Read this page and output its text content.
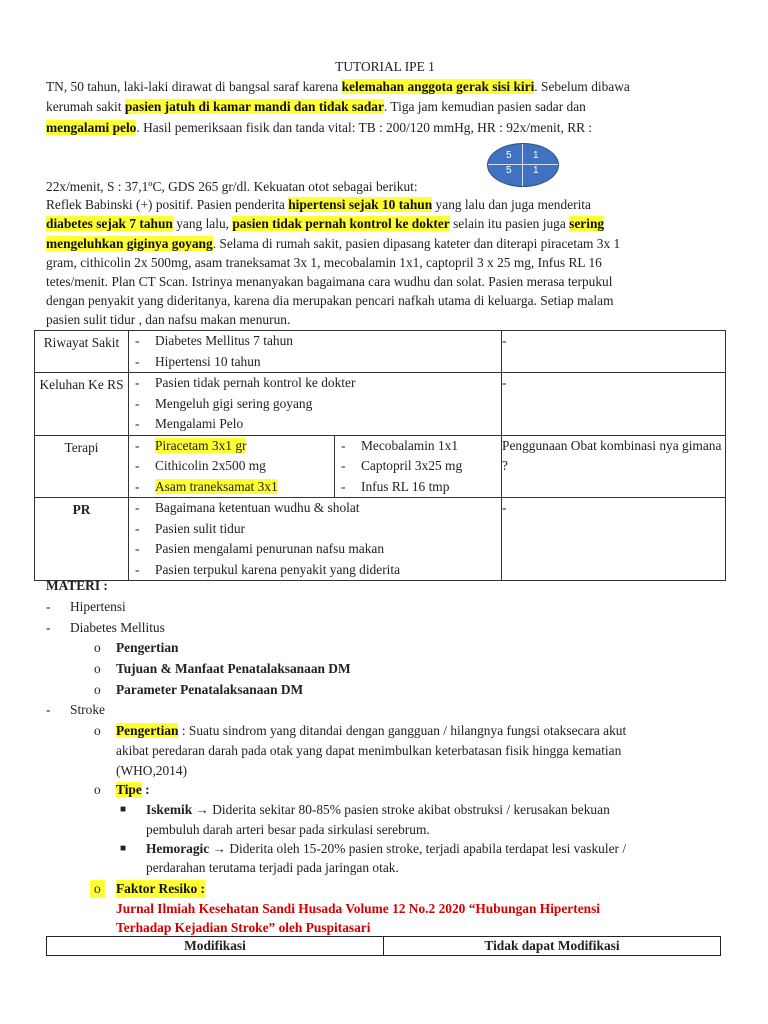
TUTORIAL IPE 1
TN, 50 tahun, laki-laki dirawat di bangsal saraf karena kelemahan anggota gerak sisi kiri. Sebelum dibawa
kerumah sakit pasien jatuh di kamar mandi dan tidak sadar. Tiga jam kemudian pasien sadar dan
mengalami pelo. Hasil pemeriksaan fisik dan tanda vital: TB : 200/120 mmHg, HR : 92x/menit, RR :
5 1
5 1
22x/menit, S : 37,1ºC, GDS 265 gr/dl. Kekuatan otot sebagai berikut:
Reflek Babinski (+) positif. Pasien penderita hipertensi sejak 10 tahun yang lalu dan juga menderita
diabetes sejak 7 tahun yang lalu, pasien tidak pernah kontrol ke dokter selain itu pasien juga sering
mengeluhkan giginya goyang. Selama di rumah sakit, pasien dipasang kateter dan diterapi piracetam 3x 1
gram, cithicolin 2x 500mg, asam traneksamat 3x 1, mecobalamin 1x1, captopril 3 x 25 mg, Infus RL 16
tetes/menit. Plan CT Scan. Istrinya menanyakan bagaimana cara wudhu dan solat. Pasien merasa terpukul
dengan penyakit yang dideritanya, karena dia merupakan pencari nafkah utama di keluarga. Setiap malam
pasien sulit tidur , dan nafsu makan menurun.
Riwayat Sakit	- Diabetes Mellitus 7 tahun
- Hipertensi 10 tahun		-
Keluhan Ke RS	- Pasien tidak pernah kontrol ke dokter
- Mengeluh gigi sering goyang
- Mengalami Pelo		-
Terapi	- Piracetam 3x1 gr
- Cithicolin 2x500 mg
- Asam traneksamat 3x1	- Mecobalamin 1x1
- Captopril 3x25 mg
- Infus RL 16 tmp	Penggunaan Obat kombinasi nya gimana ?
PR	- Bagaimana ketentuan wudhu & sholat
- Pasien sulit tidur
- Pasien mengalami penurunan nafsu makan
- Pasien terpukul karena penyakit yang diderita		-
MATERI :
- Hipertensi
- Diabetes Mellitus
o Pengertian
o Tujuan & Manfaat Penatalaksanaan DM
o Parameter Penatalaksanaan DM
- Stroke
o Pengertian : Suatu sindrom yang ditandai dengan gangguan / hilangnya fungsi otaksecara akut
akibat peredaran darah pada otak yang dapat menimbulkan keterbatasan fisik hingga kematian
(WHO,2014)
o Tipe :
■ Iskemik → Diderita sekitar 80-85% pasien stroke akibat obstruksi / kerusakan bekuan
pembuluh darah arteri besar pada sirkulasi serebrum.
■ Hemoragic → Diderita oleh 15-20% pasien stroke, terjadi apabila terdapat lesi vaskuler /
perdarahan terutama terjadi pada jaringan otak.
o Faktor Resiko :
Jurnal Ilmiah Kesehatan Sandi Husada Volume 12 No.2 2020 “Hubungan Hipertensi
Terhadap Kejadian Stroke” oleh Puspitasari
Modifikasi	Tidak dapat Modifikasi
